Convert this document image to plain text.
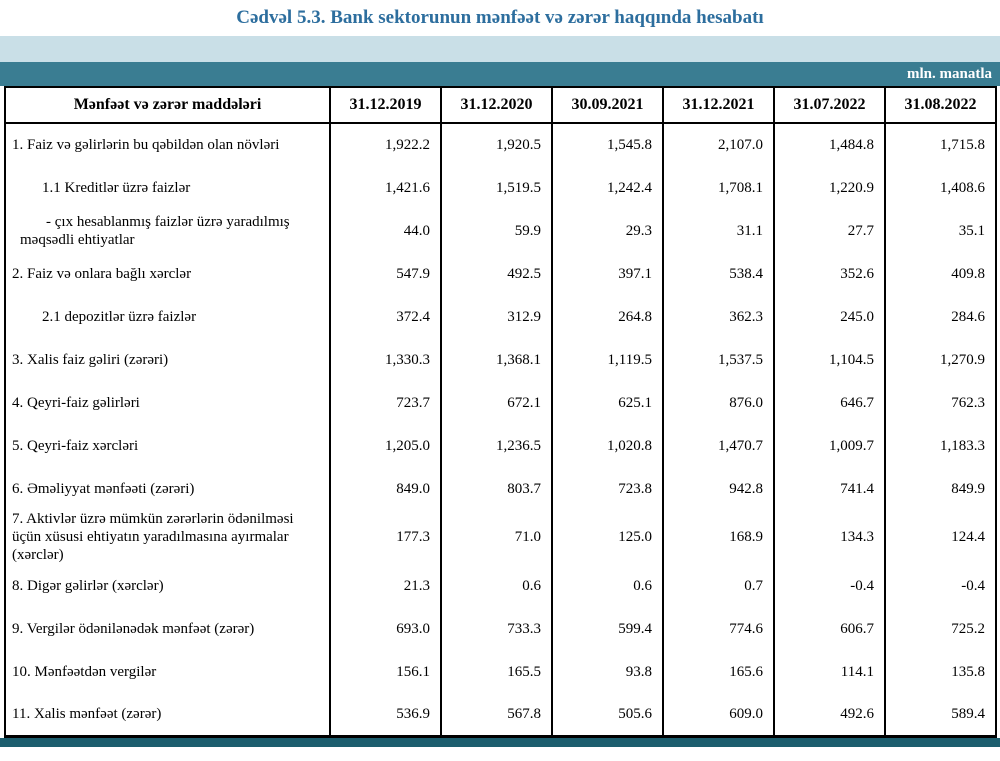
Cədvəl 5.3. Bank sektorunun mənfəət və zərər haqqında hesabatı
mln. manatla
Mənfəət və zərər maddələri	31.12.2019	31.12.2020	30.09.2021	31.12.2021	31.07.2022	31.08.2022
1. Faiz və gəlirlərin bu qəbildən olan növləri	1,922.2	1,920.5	1,545.8	2,107.0	1,484.8	1,715.8
1.1 Kreditlər üzrə faizlər	1,421.6	1,519.5	1,242.4	1,708.1	1,220.9	1,408.6
- çıx hesablanmış faizlər üzrə yaradılmış məqsədli ehtiyatlar	44.0	59.9	29.3	31.1	27.7	35.1
2. Faiz və onlara bağlı xərclər	547.9	492.5	397.1	538.4	352.6	409.8
2.1 depozitlər üzrə faizlər	372.4	312.9	264.8	362.3	245.0	284.6
3. Xalis faiz gəliri (zərəri)	1,330.3	1,368.1	1,119.5	1,537.5	1,104.5	1,270.9
4. Qeyri-faiz gəlirləri	723.7	672.1	625.1	876.0	646.7	762.3
5. Qeyri-faiz xərcləri	1,205.0	1,236.5	1,020.8	1,470.7	1,009.7	1,183.3
6. Əməliyyat mənfəəti (zərəri)	849.0	803.7	723.8	942.8	741.4	849.9
7. Aktivlər üzrə mümkün zərərlərin ödənilməsi üçün xüsusi ehtiyatın yaradılmasına ayırmalar (xərclər)	177.3	71.0	125.0	168.9	134.3	124.4
8. Digər gəlirlər (xərclər)	21.3	0.6	0.6	0.7	-0.4	-0.4
9. Vergilər ödənilənədək mənfəət (zərər)	693.0	733.3	599.4	774.6	606.7	725.2
10. Mənfəətdən vergilər	156.1	165.5	93.8	165.6	114.1	135.8
11. Xalis mənfəət (zərər)	536.9	567.8	505.6	609.0	492.6	589.4
